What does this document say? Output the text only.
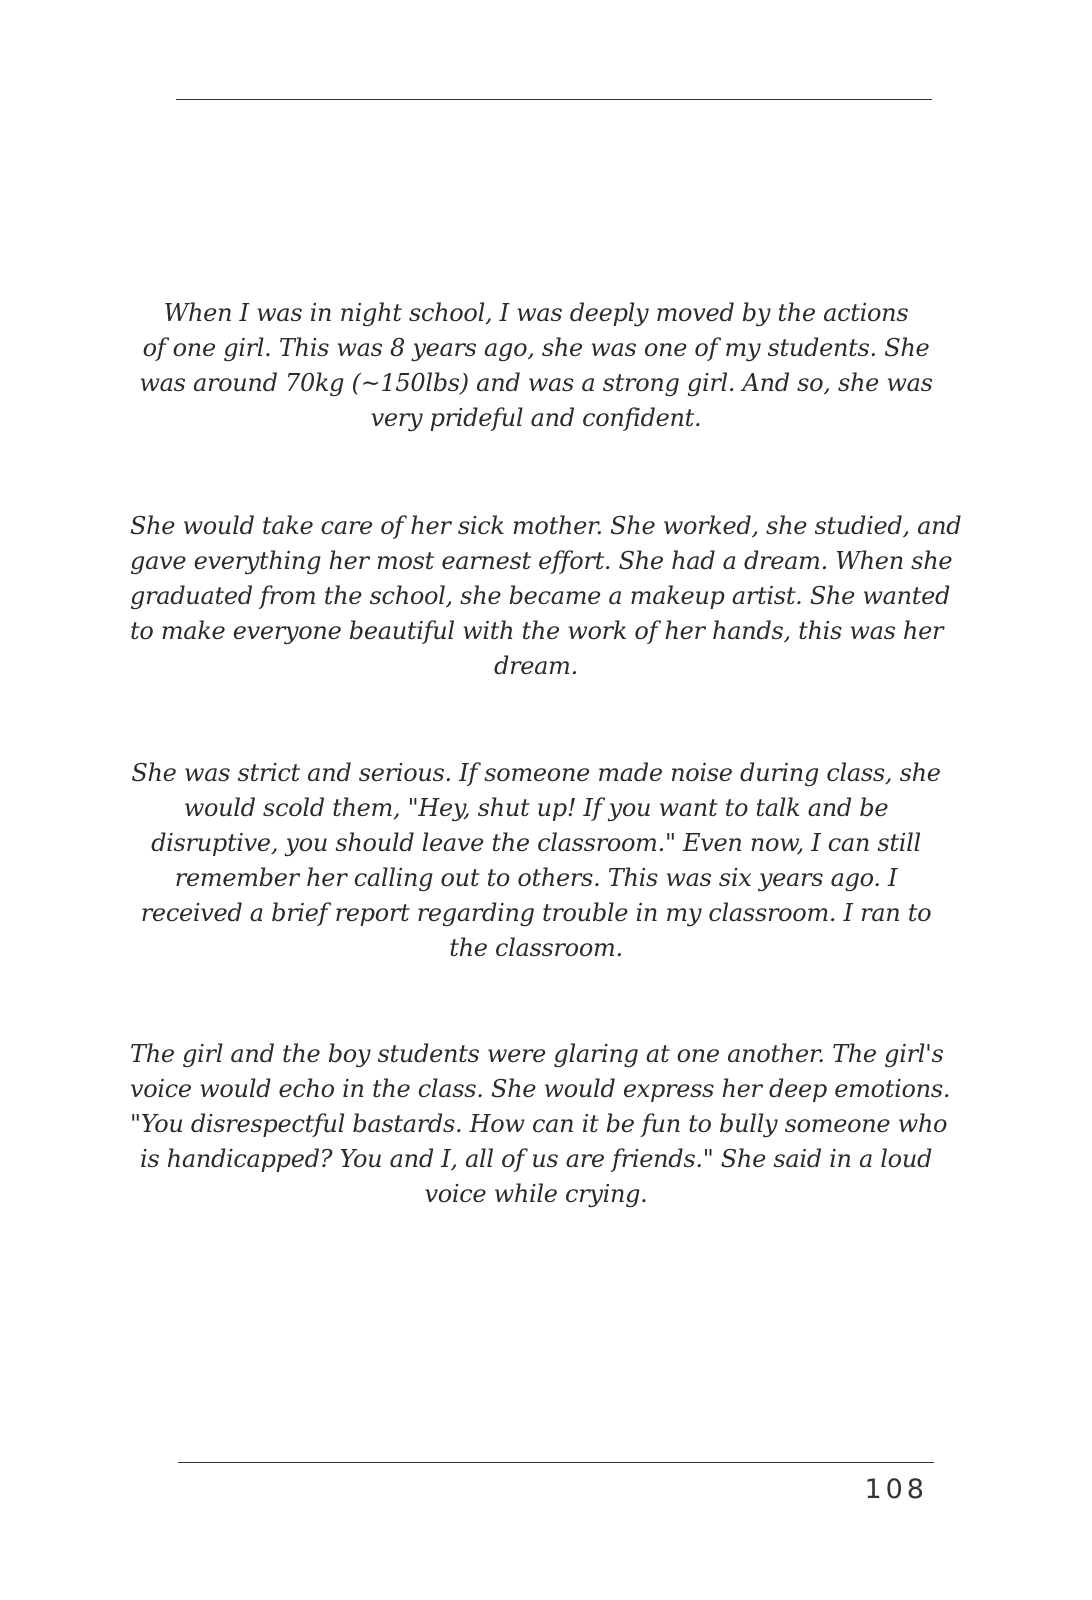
When I was in night school, I was deeply moved by the actions
of one girl. This was 8 years ago, she was one of my students. She
was around 70kg (~150lbs) and was a strong girl. And so, she was
very prideful and confident.

She would take care of her sick mother. She worked, she studied, and
gave everything her most earnest effort. She had a dream. When she
graduated from the school, she became a makeup artist. She wanted
to make everyone beautiful with the work of her hands, this was her
dream.

She was strict and serious. If someone made noise during class, she
would scold them, "Hey, shut up! If you want to talk and be
disruptive, you should leave the classroom." Even now, I can still
remember her calling out to others. This was six years ago. I
received a brief report regarding trouble in my classroom. I ran to
the classroom.

The girl and the boy students were glaring at one another. The girl's
voice would echo in the class. She would express her deep emotions.
"You disrespectful bastards. How can it be fun to bully someone who
is handicapped? You and I, all of us are friends." She said in a loud
voice while crying.

108
